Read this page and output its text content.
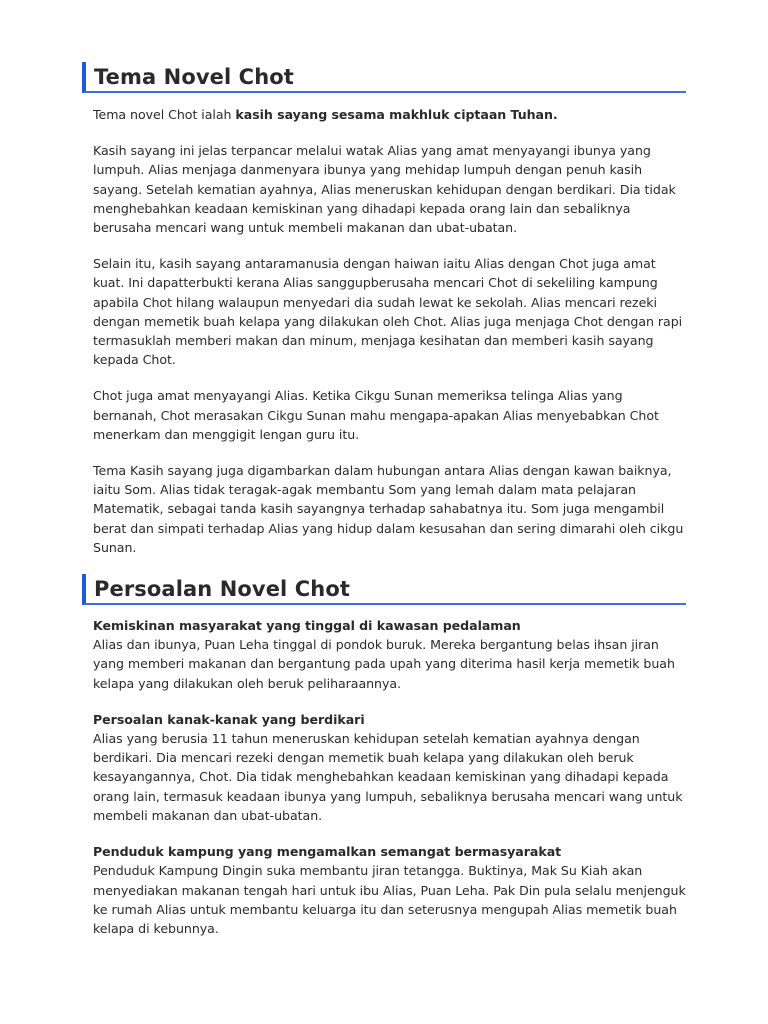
Tema Novel Chot

Tema novel Chot ialah kasih sayang sesama makhluk ciptaan Tuhan.

Kasih sayang ini jelas terpancar melalui watak Alias yang amat menyayangi ibunya yang lumpuh. Alias menjaga danmenyara ibunya yang mehidap lumpuh dengan penuh kasih sayang. Setelah kematian ayahnya, Alias meneruskan kehidupan dengan berdikari. Dia tidak menghebahkan keadaan kemiskinan yang dihadapi kepada orang lain dan sebaliknya berusaha mencari wang untuk membeli makanan dan ubat-ubatan.

Selain itu, kasih sayang antaramanusia dengan haiwan iaitu Alias dengan Chot juga amat kuat. Ini dapatterbukti kerana Alias sanggupberusaha mencari Chot di sekeliling kampung apabila Chot hilang walaupun menyedari dia sudah lewat ke sekolah. Alias mencari rezeki dengan memetik buah kelapa yang dilakukan oleh Chot. Alias juga menjaga Chot dengan rapi termasuklah memberi makan dan minum, menjaga kesihatan dan memberi kasih sayang kepada Chot.

Chot juga amat menyayangi Alias. Ketika Cikgu Sunan memeriksa telinga Alias yang bernanah, Chot merasakan Cikgu Sunan mahu mengapa-apakan Alias menyebabkan Chot menerkam dan menggigit lengan guru itu.

Tema Kasih sayang juga digambarkan dalam hubungan antara Alias dengan kawan baiknya, iaitu Som. Alias tidak teragak-agak membantu Som yang lemah dalam mata pelajaran Matematik, sebagai tanda kasih sayangnya terhadap sahabatnya itu. Som juga mengambil berat dan simpati terhadap Alias yang hidup dalam kesusahan dan sering dimarahi oleh cikgu Sunan.

Persoalan Novel Chot

Kemiskinan masyarakat yang tinggal di kawasan pedalaman
Alias dan ibunya, Puan Leha tinggal di pondok buruk. Mereka bergantung belas ihsan jiran yang memberi makanan dan bergantung pada upah yang diterima hasil kerja memetik buah kelapa yang dilakukan oleh beruk peliharaannya.

Persoalan kanak-kanak yang berdikari
Alias yang berusia 11 tahun meneruskan kehidupan setelah kematian ayahnya dengan berdikari. Dia mencari rezeki dengan memetik buah kelapa yang dilakukan oleh beruk kesayangannya, Chot. Dia tidak menghebahkan keadaan kemiskinan yang dihadapi kepada orang lain, termasuk keadaan ibunya yang lumpuh, sebaliknya berusaha mencari wang untuk membeli makanan dan ubat-ubatan.

Penduduk kampung yang mengamalkan semangat bermasyarakat
Penduduk Kampung Dingin suka membantu jiran tetangga. Buktinya, Mak Su Kiah akan menyediakan makanan tengah hari untuk ibu Alias, Puan Leha. Pak Din pula selalu menjenguk ke rumah Alias untuk membantu keluarga itu dan seterusnya mengupah Alias memetik buah kelapa di kebunnya.
